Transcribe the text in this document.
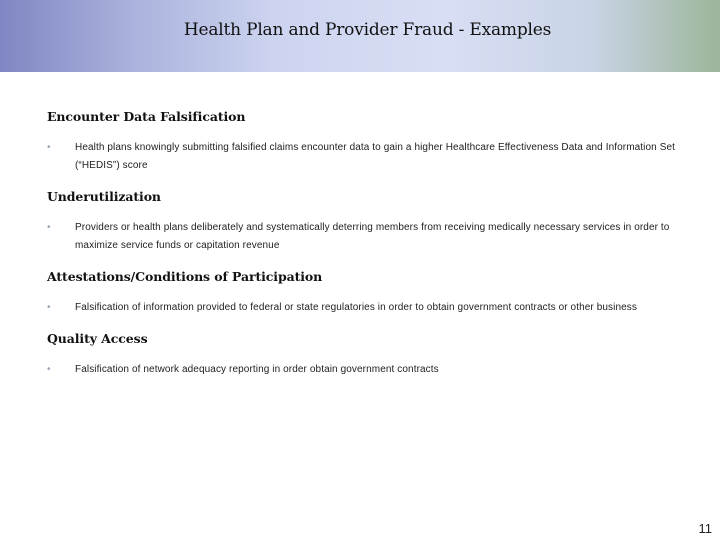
Health Plan and Provider Fraud - Examples
Encounter Data Falsification
•	Health plans knowingly submitting falsified claims encounter data to gain a higher Healthcare Effectiveness Data and Information Set (“HEDIS”) score
Underutilization
•	Providers or health plans deliberately and systematically deterring members from receiving medically necessary services in order to maximize service funds or capitation revenue
Attestations/Conditions of Participation
•	Falsification of information provided to federal or state regulatories in order to obtain government contracts or other business
Quality Access
•	Falsification of network adequacy reporting in order obtain government contracts
11
